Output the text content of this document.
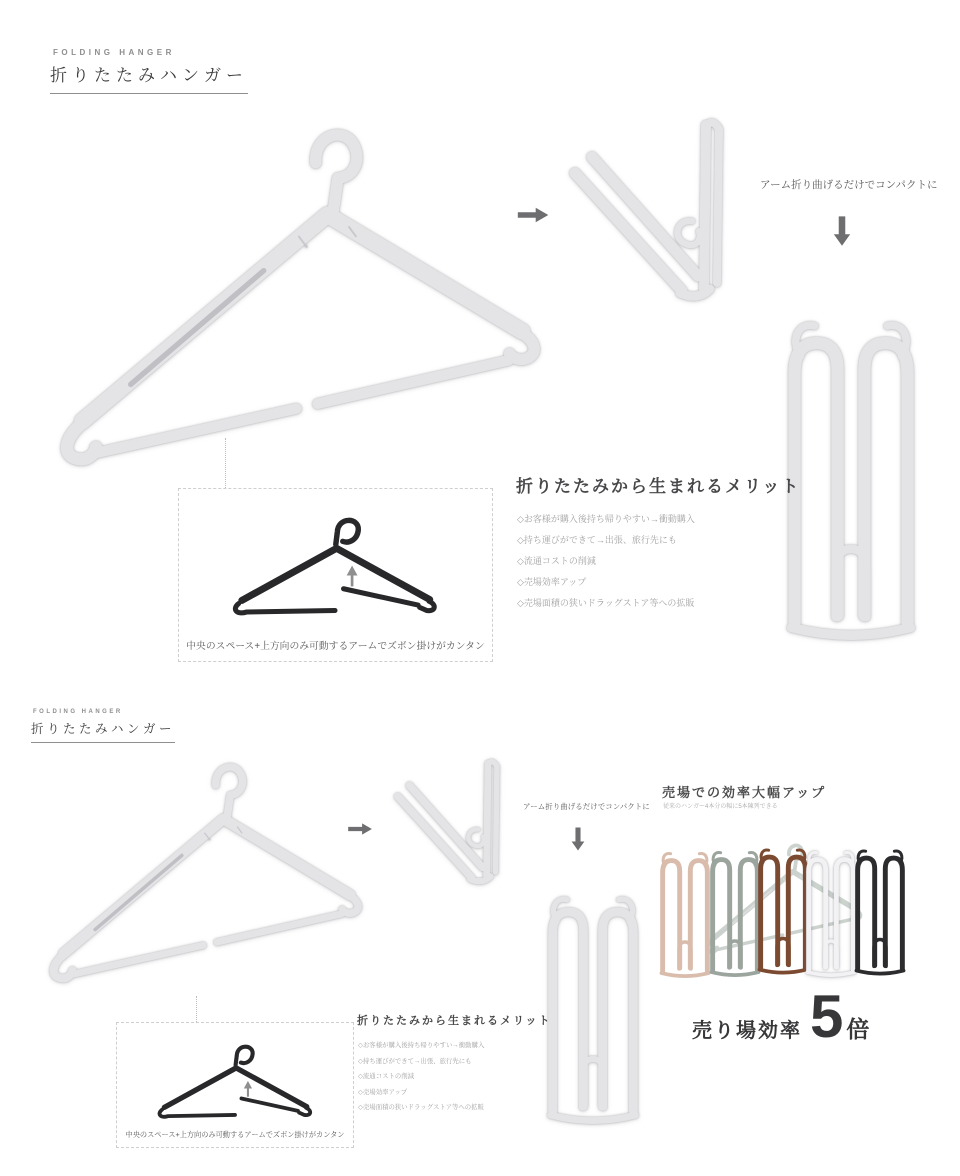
FOLDING HANGER
折りたたみハンガー
アーム折り曲げるだけでコンパクトに
中央のスペース+上方向のみ可動するアームでズボン掛けがカンタン
折りたたみから生まれるメリット
◇お客様が購入後持ち帰りやすい→衝動購入
◇持ち運びができて→出張、旅行先にも
◇流通コストの削減
◇売場効率アップ
◇売場面積の狭いドラッグストア等への拡販
FOLDING HANGER
折りたたみハンガー
アーム折り曲げるだけでコンパクトに
折りたたみから生まれるメリット
◇お客様が購入後持ち帰りやすい→衝動購入
◇持ち運びができて→出張、旅行先にも
◇流通コストの削減
◇売場効率アップ
◇売場面積の狭いドラッグストア等への拡販
中央のスペース+上方向のみ可動するアームでズボン掛けがカンタン
売場での効率大幅アップ
従来のハンガー4本分の幅に5本陳列できる
売り場効率 5 倍
